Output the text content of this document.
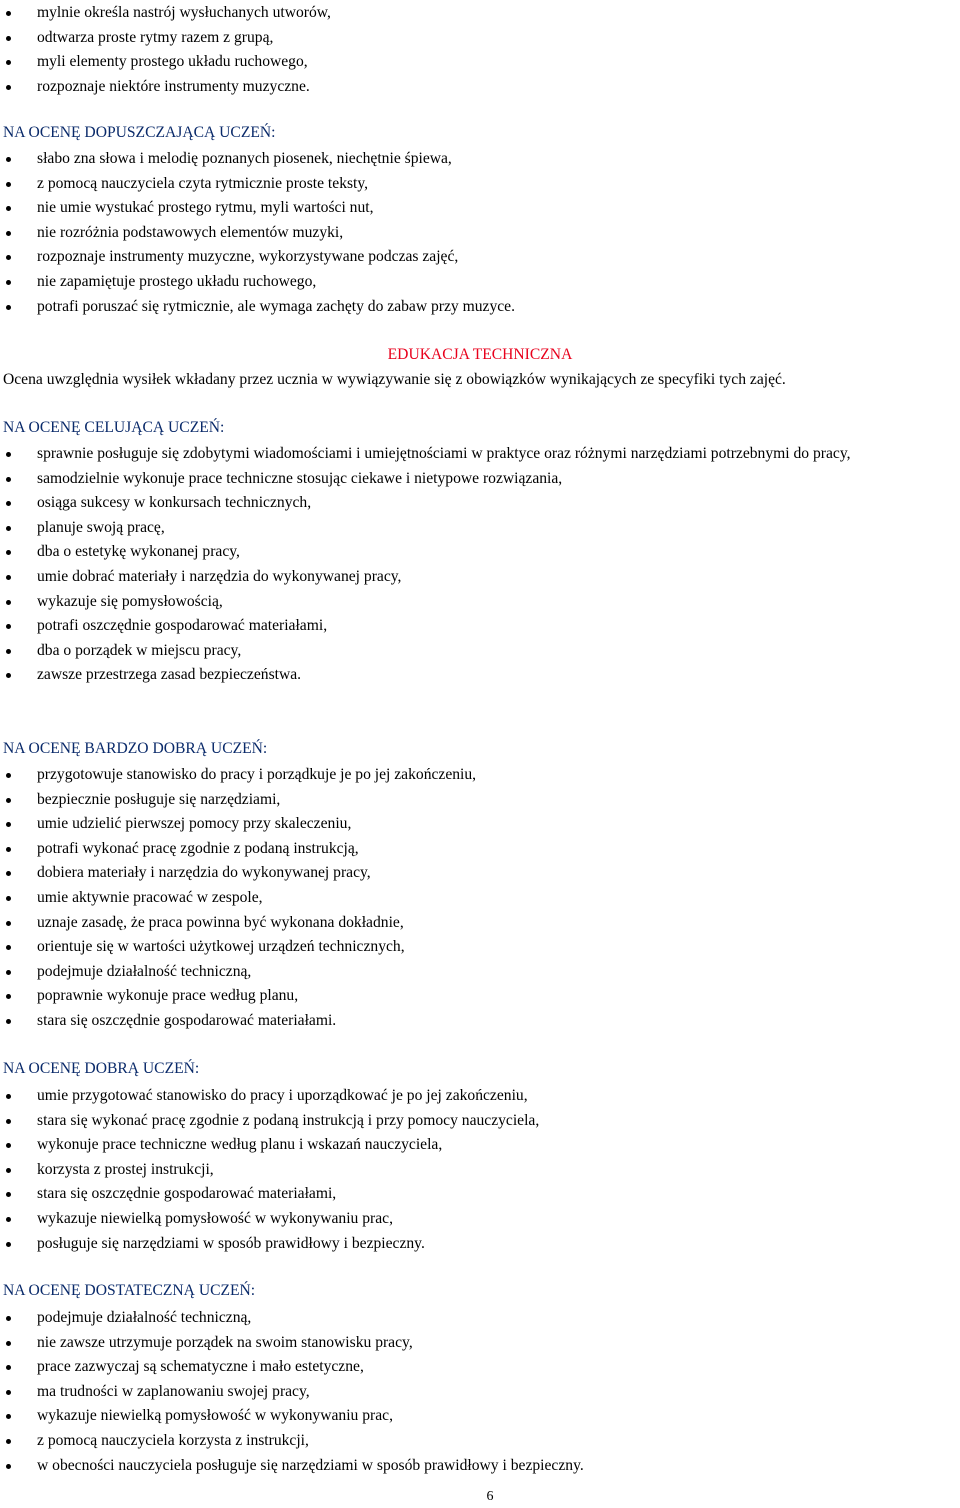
mylnie określa nastrój wysłuchanych utworów,
odtwarza proste rytmy razem z grupą,
myli elementy prostego układu ruchowego,
rozpoznaje niektóre instrumenty muzyczne.
NA OCENĘ DOPUSZCZAJĄCĄ UCZEŃ:
słabo zna słowa i melodię poznanych piosenek, niechętnie śpiewa,
z pomocą nauczyciela czyta rytmicznie proste teksty,
nie umie wystukać prostego rytmu, myli wartości nut,
nie rozróżnia podstawowych elementów muzyki,
rozpoznaje instrumenty muzyczne, wykorzystywane podczas zajęć,
nie zapamiętuje prostego układu ruchowego,
potrafi poruszać się rytmicznie, ale wymaga zachęty do zabaw przy muzyce.
EDUKACJA TECHNICZNA
Ocena uwzględnia wysiłek wkładany przez ucznia w wywiązywanie się z obowiązków wynikających ze specyfiki tych zajęć.
NA OCENĘ CELUJĄCĄ UCZEŃ:
sprawnie posługuje się zdobytymi wiadomościami i umiejętnościami w praktyce oraz różnymi narzędziami potrzebnymi do pracy,
samodzielnie wykonuje prace techniczne stosując ciekawe i nietypowe rozwiązania,
osiąga sukcesy w konkursach technicznych,
planuje swoją pracę,
dba o estetykę wykonanej pracy,
umie dobrać materiały i narzędzia do wykonywanej pracy,
wykazuje się pomysłowością,
potrafi oszczędnie gospodarować materiałami,
dba o porządek w miejscu pracy,
zawsze przestrzega zasad bezpieczeństwa.
NA OCENĘ BARDZO DOBRĄ UCZEŃ:
przygotowuje stanowisko do pracy i porządkuje je po jej zakończeniu,
bezpiecznie posługuje się narzędziami,
umie udzielić pierwszej pomocy przy skaleczeniu,
potrafi wykonać pracę zgodnie z podaną instrukcją,
dobiera materiały i narzędzia do wykonywanej pracy,
umie aktywnie pracować w zespole,
uznaje zasadę, że praca powinna być wykonana dokładnie,
orientuje się w wartości użytkowej urządzeń technicznych,
podejmuje działalność techniczną,
poprawnie wykonuje prace według planu,
stara się oszczędnie gospodarować materiałami.
NA OCENĘ DOBRĄ UCZEŃ:
umie przygotować stanowisko do pracy i uporządkować je po jej zakończeniu,
stara się wykonać pracę zgodnie z podaną instrukcją i przy pomocy nauczyciela,
wykonuje prace techniczne według planu i wskazań nauczyciela,
korzysta z prostej instrukcji,
stara się oszczędnie gospodarować materiałami,
wykazuje niewielką pomysłowość w wykonywaniu prac,
posługuje się narzędziami w sposób prawidłowy i bezpieczny.
NA OCENĘ DOSTATECZNĄ UCZEŃ:
podejmuje działalność techniczną,
nie zawsze utrzymuje porządek na swoim stanowisku pracy,
prace zazwyczaj są schematyczne i mało estetyczne,
ma trudności w zaplanowaniu swojej pracy,
wykazuje niewielką pomysłowość w wykonywaniu prac,
z pomocą nauczyciela korzysta z instrukcji,
w obecności nauczyciela posługuje się narzędziami w sposób prawidłowy i bezpieczny.
6
